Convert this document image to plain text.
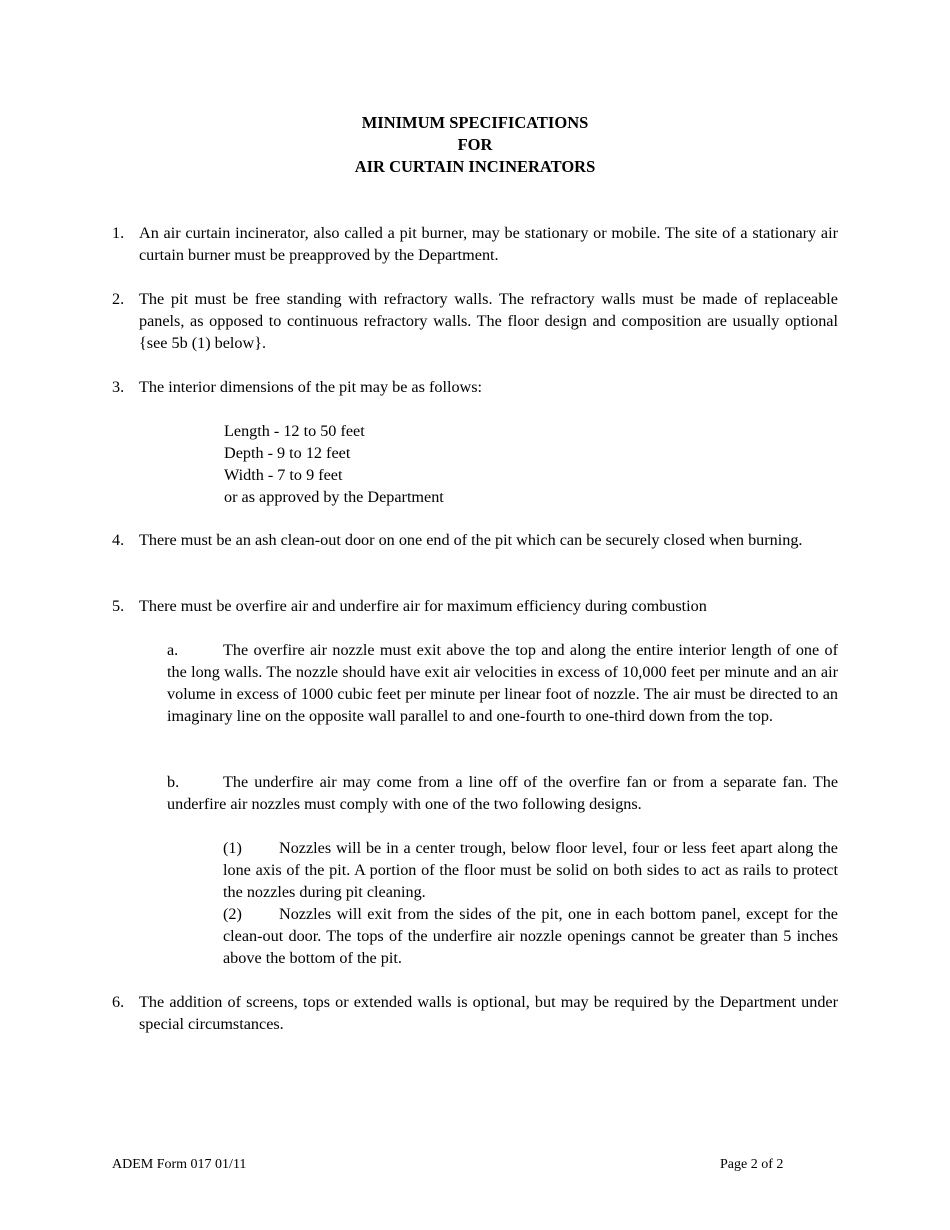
MINIMUM SPECIFICATIONS
FOR
AIR CURTAIN INCINERATORS
1. An air curtain incinerator, also called a pit burner, may be stationary or mobile. The site of a stationary air curtain burner must be preapproved by the Department.
2. The pit must be free standing with refractory walls. The refractory walls must be made of replaceable panels, as opposed to continuous refractory walls. The floor design and composition are usually optional {see 5b (1) below}.
3. The interior dimensions of the pit may be as follows:
Length - 12 to 50 feet
Depth - 9 to 12 feet
Width - 7 to 9 feet
or as approved by the Department
4. There must be an ash clean-out door on one end of the pit which can be securely closed when burning.
5. There must be overfire air and underfire air for maximum efficiency during combustion
a.	The overfire air nozzle must exit above the top and along the entire interior length of one of the long walls. The nozzle should have exit air velocities in excess of 10,000 feet per minute and an air volume in excess of 1000 cubic feet per minute per linear foot of nozzle. The air must be directed to an imaginary line on the opposite wall parallel to and one-fourth to one-third down from the top.
b.	The underfire air may come from a line off of the overfire fan or from a separate fan. The underfire air nozzles must comply with one of the two following designs.
(1) Nozzles will be in a center trough, below floor level, four or less feet apart along the lone axis of the pit. A portion of the floor must be solid on both sides to act as rails to protect the nozzles during pit cleaning.
(2) Nozzles will exit from the sides of the pit, one in each bottom panel, except for the clean-out door. The tops of the underfire air nozzle openings cannot be greater than 5 inches above the bottom of the pit.
6. The addition of screens, tops or extended walls is optional, but may be required by the Department under special circumstances.
ADEM Form 017 01/11	Page 2 of 2
